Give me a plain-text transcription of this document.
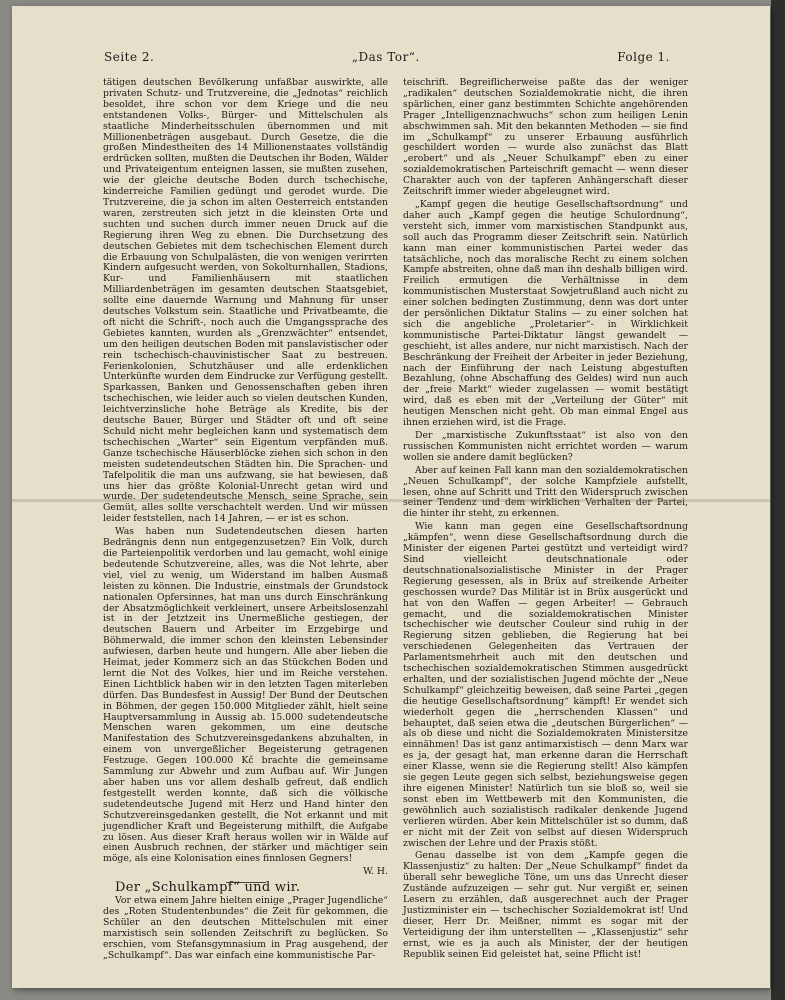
Seite 2.	„Das Tor“.	Folge 1.

tätigen deutschen Bevölkerung unfaßbar auswirkte, alle privaten Schutz- und Trutzvereine, die „Jednotas“ reichlich besoldet, ihre schon vor dem Kriege und die neu entstandenen Volks-, Bürger- und Mittelschulen als staatliche Minderheitsschulen übernommen und mit Millionenbeträgen ausgebaut. Durch Gesetze, die die großen Mindestheiten des 14 Millionenstaates vollständig erdrücken sollten, mußten die Deutschen ihr Boden, Wälder und Privateigentum enteignen lassen, sie mußten zusehen, wie der gleiche deutsche Boden durch tschechische, kinderreiche Familien gedüngt und gerodet wurde. Die Trutzvereine, die ja schon im alten Oesterreich entstanden waren, zerstreuten sich jetzt in die kleinsten Orte und suchten und suchen durch immer neuen Druck auf die Regierung ihren Weg zu ebnen. Die Durchsetzung des deutschen Gebietes mit dem tschechischen Element durch die Erbauung von Schulpalästen, die von wenigen verirrten Kindern aufgesucht werden, von Sokolturnhallen, Stadions, Kur- und Familienhäusern mit staatlichen Milliardenbeträgen im gesamten deutschen Staatsgebiet, sollte eine dauernde Warnung und Mahnung für unser deutsches Volkstum sein. Staatliche und Privatbeamte, die oft nicht die Schrift-, noch auch die Umgangssprache des Gebietes kannten, wurden als „Grenzwächter“ entsendet, um den heiligen deutschen Boden mit panslavistischer oder rein tschechisch-chauvinistischer Saat zu bestreuen. Ferienkolonien, Schutzhäuser und alle erdenklichen Unterkünfte wurden dem Eindrucke zur Verfügung gestellt. Sparkassen, Banken und Genossenschaften geben ihren tschechischen, wie leider auch so vielen deutschen Kunden, leichtverzinsliche hohe Beträge als Kredite, bis der deutsche Bauer, Bürger und Städter oft und oft seine Schuld nicht mehr begleichen kann und systematisch dem tschechischen „Warter“ sein Eigentum verpfänden muß. Ganze tschechische Häuserblöcke ziehen sich schon in den meisten sudetendeutschen Städten hin. Die Sprachen- und Tafelpolitik die man uns aufzwang, sie hat bewiesen, daß uns hier das größte Kolonial-Unrecht getan wird und wurde. Der sudetendeutsche Mensch, seine Sprache, sein Gemüt, alles sollte verschachtelt werden. Und wir müssen leider feststellen, nach 14 Jahren, — er ist es schon.

Was haben nun Sudetendeutschen diesen harten Bedrängnis denn nun entgegenzusetzen? Ein Volk, durch die Parteienpolitik verdorben und lau gemacht, wohl einige bedeutende Schutzvereine, alles, was die Not lehrte, aber viel, viel zu wenig, um Widerstand im halben Ausmaß leisten zu können. Die Industrie, einstmals der Grundstock nationalen Opfersinnes, hat man uns durch Einschränkung der Absatzmöglichkeit verkleinert, unsere Arbeitslosenzahl ist in der Jetztzeit ins Unermeßliche gestiegen, der deutschen Bauern und Arbeiter im Erzgebirge und Böhmerwald, die immer schon den kleinsten Lebensinder aufwiesen, darben heute und hungern. Alle aber lieben die Heimat, jeder Kommerz sich an das Stückchen Boden und lernt die Not des Volkes, hier und im Reiche verstehen. Einen Lichtblick haben wir in den letzten Tagen miterleben dürfen. Das Bundesfest in Aussig! Der Bund der Deutschen in Böhmen, der gegen 150.000 Mitglieder zählt, hielt seine Hauptversammlung in Aussig ab. 15.000 sudetendeutsche Menschen waren gekommen, um eine deutsche Manifestation des Schutzvereinsgedankens abzuhalten, in einem von unvergeßlicher Begeisterung getragenen Festzuge. Gegen 100.000 Kč brachte die gemeinsame Sammlung zur Abwehr und zum Aufbau auf. Wir Jungen aber haben uns vor allem deshalb gefreut, daß endlich festgestellt werden konnte, daß sich die völkische sudetendeutsche Jugend mit Herz und Hand hinter den Schutzvereinsgedanken gestellt, die Not erkannt und mit jugendlicher Kraft und Begeisterung mithilft, die Aufgabe zu lösen. Aus dieser Kraft heraus wollen wir in Wälde auf einen Ausbruch rechnen, der stärker und mächtiger sein möge, als eine Kolonisation eines finnlosen Gegners!

W. H.

Der „Schulkampf“ und wir.

Vor etwa einem Jahre hielten einige „Prager Jugendliche“ des „Roten Studentenbundes“ die Zeit für gekommen, die Schüler an den deutschen Mittelschulen mit einer marxistisch sein sollenden Zeitschrift zu beglücken. So erschien, vom Stefansgymnasium in Prag ausgehend, der „Schulkampf“. Das war einfach eine kommunistische Par-

teischrift. Begreiflicherweise paßte das der weniger „radikalen“ deutschen Sozialdemokratie nicht, die ihren spärlichen, einer ganz bestimmten Schichte angehörenden Prager „Intelligenznachwuchs“ schon zum heiligen Lenin abschwimmen sah. Mit den bekannten Methoden — sie find im „Schulkampf“ zu unserer Erbauung ausführlich geschildert worden — wurde also zunächst das Blatt „erobert“ und als „Neuer Schulkampf“ eben zu einer sozialdemokratischen Parteischrift gemacht — wenn dieser Charakter auch von der tapferen Anhängerschaft dieser Zeitschrift immer wieder abgeleugnet wird.

„Kampf gegen die heutige Gesellschaftsordnung“ und daher auch „Kampf gegen die heutige Schulordnung“, versteht sich, immer vom marxistischen Standpunkt aus, soll auch das Programm dieser Zeitschrift sein. Natürlich kann man einer kommunistischen Partei weder das tatsächliche, noch das moralische Recht zu einem solchen Kampfe abstreiten, ohne daß man ihn deshalb billigen wird. Freilich ermutigen die Verhältnisse in dem kommunistischen Musterstaat Sowjetrußland auch nicht zu einer solchen bedingten Zustimmung, denn was dort unter der persönlichen Diktatur Stalins — zu einer solchen hat sich die angebliche „Proletarier“- in Wirklichkeit kommunistische Partei-Diktatur längst gewandelt — geschieht, ist alles andere, nur nicht marxistisch. Nach der Beschränkung der Freiheit der Arbeiter in jeder Beziehung, nach der Einführung der nach Leistung abgestuften Bezahlung, (ohne Abschaffung des Geldes) wird nun auch der „freie Markt“ wieder zugelassen — womit bestätigt wird, daß es eben mit der „Verteilung der Güter“ mit heutigen Menschen nicht geht. Ob man einmal Engel aus ihnen erziehen wird, ist die Frage.

Der „marxistische Zukunftsstaat“ ist also von den russischen Kommunisten nicht errichtet worden — warum wollen sie andere damit beglücken?

Aber auf keinen Fall kann man den sozialdemokratischen „Neuen Schulkampf“, der solche Kampfziele aufstellt, lesen, ohne auf Schritt und Tritt den Widerspruch zwischen seiner Tendenz und dem wirklichen Verhalten der Partei, die hinter ihr steht, zu erkennen.

Wie kann man gegen eine Gesellschaftsordnung „kämpfen“, wenn diese Gesellschaftsordnung durch die Minister der eigenen Partei gestützt und verteidigt wird? Sind vielleicht deutschnationale oder deutschnationalsozialistische Minister in der Prager Regierung gesessen, als in Brüx auf streikende Arbeiter geschossen wurde? Das Militär ist in Brüx ausgerückt und hat von den Waffen — gegen Arbeiter! — Gebrauch gemacht, und die sozialdemokratischen Minister tschechischer wie deutscher Couleur sind ruhig in der Regierung sitzen geblieben, die Regierung hat bei verschiedenen Gelegenheiten das Vertrauen der Parlamentsmehrheit auch mit den deutschen und tschechischen sozialdemokratischen Stimmen ausgedrückt erhalten, und der sozialistischen Jugend möchte der „Neue Schulkampf“ gleichzeitig beweisen, daß seine Partei „gegen die heutige Gesellschaftsordnung“ kämpft! Er wendet sich wiederholt gegen die „herrschenden Klassen“ und behauptet, daß seien etwa die „deutschen Bürgerlichen“ — als ob diese und nicht die Sozialdemokraten Ministersitze einnähmen! Das ist ganz antimarxistisch — denn Marx war es ja, der gesagt hat, man erkenne daran die Herrschaft einer Klasse, wenn sie die Regierung stellt! Also kämpfen sie gegen Leute gegen sich selbst, beziehungsweise gegen ihre eigenen Minister! Natürlich tun sie bloß so, weil sie sonst eben im Wettbewerb mit den Kommunisten, die gewöhnlich auch sozialistisch radikaler denkende Jugend verlieren würden. Aber kein Mittelschüler ist so dumm, daß er nicht mit der Zeit von selbst auf diesen Widerspruch zwischen der Lehre und der Praxis stößt.

Genau dasselbe ist von dem „Kampfe gegen die Klassenjustiz“ zu halten: Der „Neue Schulkampf“ findet da überall sehr bewegliche Töne, um uns das Unrecht dieser Zustände aufzuzeigen — sehr gut. Nur vergißt er, seinen Lesern zu erzählen, daß ausgerechnet auch der Prager Justizminister ein — tschechischer Sozialdemokrat ist! Und dieser, Herr Dr. Meißner, nimmt es sogar mit der Verteidigung der ihm unterstellten — „Klassenjustiz“ sehr ernst, wie es ja auch als Minister, der der heutigen Republik seinen Eid geleistet hat, seine Pflicht ist!
